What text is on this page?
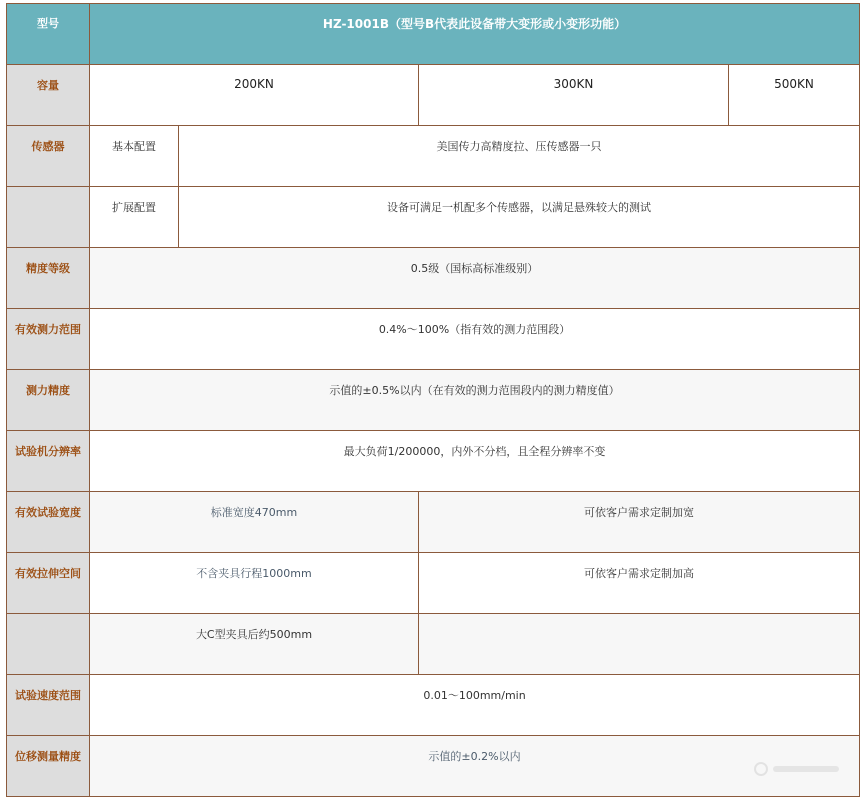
型号	HZ-1001B（型号B代表此设备带大变形或小变形功能）			
容量	200KN		300KN	500KN
传感器	基本配置	美国传力高精度拉、压传感器一只		
	扩展配置	设备可满足一机配多个传感器，以满足悬殊较大的测试		
精度等级	0.5级（国标高标准级别）			
有效测力范围	0.4%～100%（指有效的测力范围段）			
测力精度	示值的±0.5%以内（在有效的测力范围段内的测力精度值）			
试验机分辨率	最大负荷1/200000，内外不分档，且全程分辨率不变			
有效试验宽度	标准宽度470mm		可依客户需求定制加宽	
有效拉伸空间	不含夹具行程1000mm		可依客户需求定制加高	
	大C型夹具后约500mm			
试验速度范围	0.01～100mm/min			
位移测量精度	示值的±0.2%以内			
